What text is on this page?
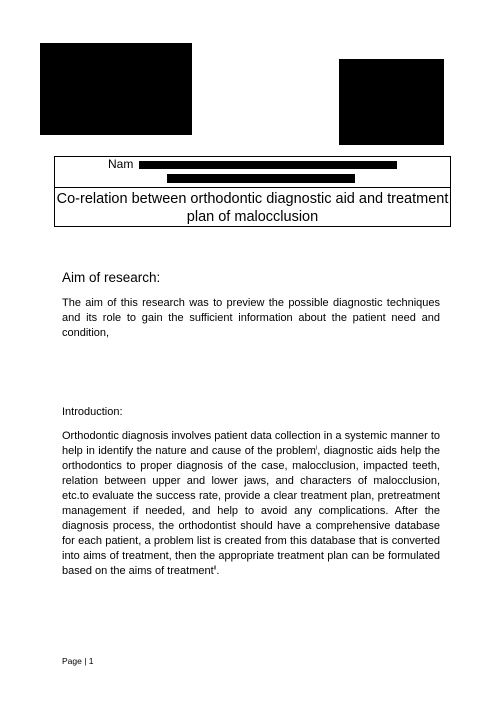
Nam
Co-relation between orthodontic diagnostic aid and treatment plan of malocclusion
Aim of research:
The aim of this research was to preview the possible diagnostic techniques and its role to gain the sufficient information about the patient need and condition,
Introduction:
Orthodontic diagnosis involves patient data collection in a systemic manner to help in identify the nature and cause of the problem$^i$, diagnostic aids help the orthodontics to proper diagnosis of the case, malocclusion, impacted teeth, relation between upper and lower jaws, and characters of malocclusion, etc.to evaluate the success rate, provide a clear treatment plan, pretreatment management if needed, and help to avoid any complications. After the diagnosis process, the orthodontist should have a comprehensive database for each patient, a problem list is created from this database that is converted into aims of treatment, then the appropriate treatment plan can be formulated based on the aims of treatment$^{ii}$.
Page | 1
